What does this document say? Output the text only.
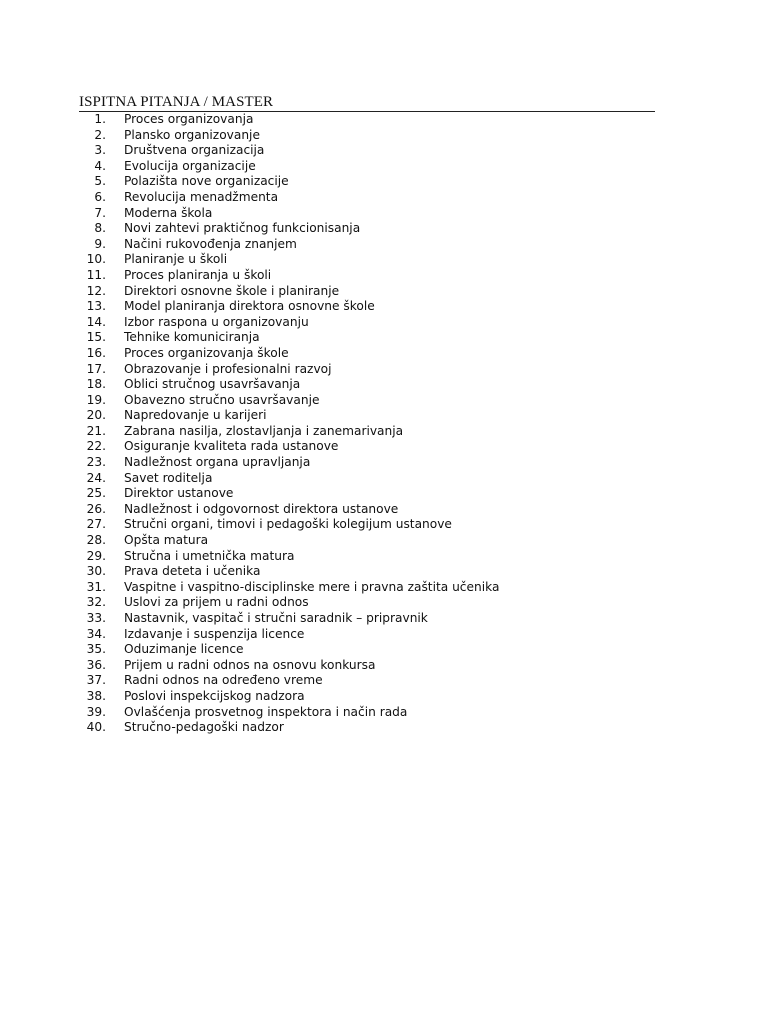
ISPITNA PITANJA / MASTER
1. Proces organizovanja
2. Plansko organizovanje
3. Društvena organizacija
4. Evolucija organizacije
5. Polazišta nove organizacije
6. Revolucija menadžmenta
7. Moderna škola
8. Novi zahtevi praktičnog funkcionisanja
9. Načini rukovođenja znanjem
10. Planiranje u školi
11. Proces planiranja u školi
12. Direktori osnovne škole i planiranje
13. Model planiranja direktora osnovne škole
14. Izbor raspona u organizovanju
15. Tehnike komuniciranja
16. Proces organizovanja škole
17. Obrazovanje i profesionalni razvoj
18. Oblici stručnog usavršavanja
19. Obavezno stručno usavršavanje
20. Napredovanje u karijeri
21. Zabrana nasilja, zlostavljanja i zanemarivanja
22. Osiguranje kvaliteta rada ustanove
23. Nadležnost organa upravljanja
24. Savet roditelja
25. Direktor ustanove
26. Nadležnost i odgovornost direktora ustanove
27. Stručni organi, timovi i pedagoški kolegijum ustanove
28. Opšta matura
29. Stručna i umetnička matura
30. Prava deteta i učenika
31. Vaspitne i vaspitno-disciplinske mere i pravna zaštita učenika
32. Uslovi za prijem u radni odnos
33. Nastavnik, vaspitač i stručni saradnik – pripravnik
34. Izdavanje i suspenzija licence
35. Oduzimanje licence
36. Prijem u radni odnos na osnovu konkursa
37. Radni odnos na određeno vreme
38. Poslovi inspekcijskog nadzora
39. Ovlašćenja prosvetnog inspektora i način rada
40. Stručno-pedagoški nadzor
